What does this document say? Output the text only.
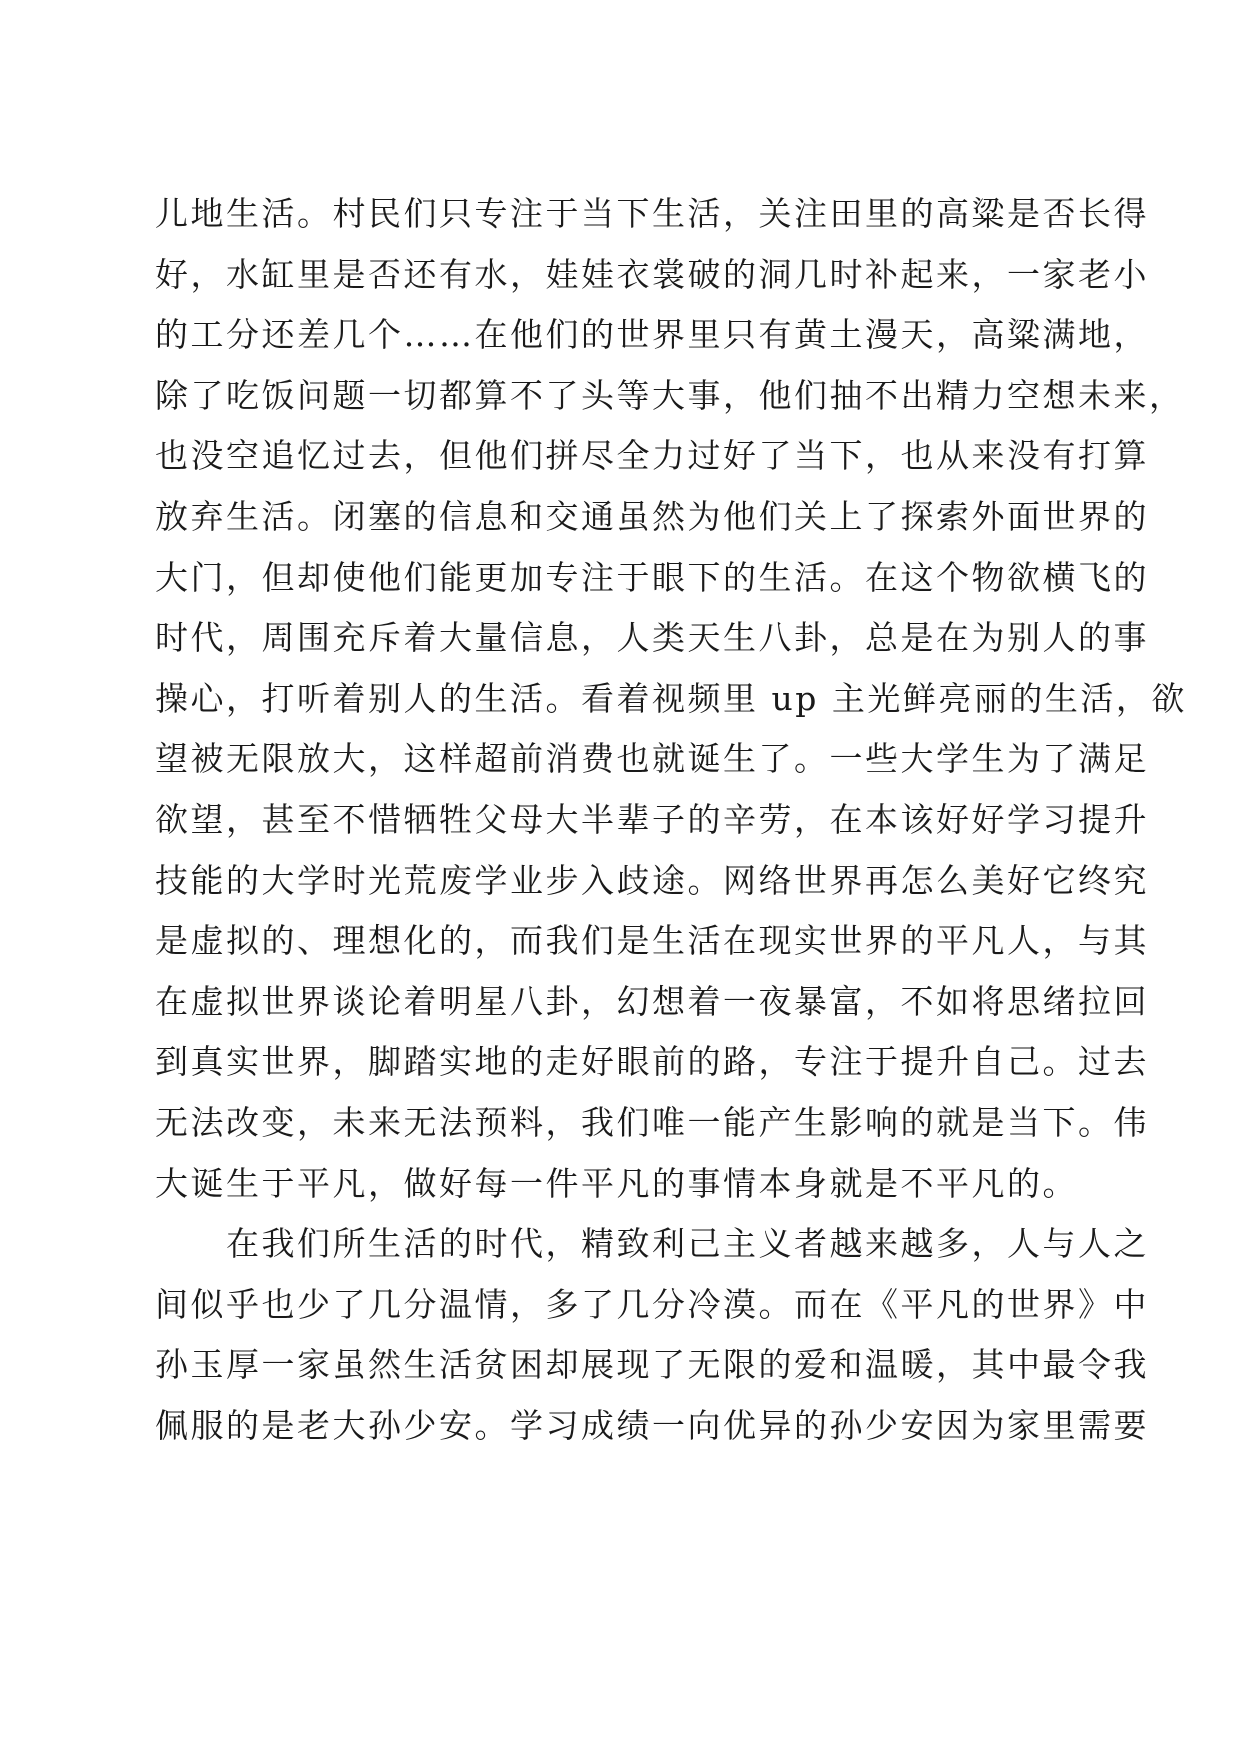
儿地生活。村民们只专注于当下生活，关注田里的高粱是否长得
好，水缸里是否还有水，娃娃衣裳破的洞几时补起来，一家老小
的工分还差几个……在他们的世界里只有黄土漫天，高粱满地，
除了吃饭问题一切都算不了头等大事，他们抽不出精力空想未来，
也没空追忆过去，但他们拼尽全力过好了当下，也从来没有打算
放弃生活。闭塞的信息和交通虽然为他们关上了探索外面世界的
大门，但却使他们能更加专注于眼下的生活。在这个物欲横飞的
时代，周围充斥着大量信息，人类天生八卦，总是在为别人的事
操心，打听着别人的生活。看着视频里 up 主光鲜亮丽的生活，欲
望被无限放大，这样超前消费也就诞生了。一些大学生为了满足
欲望，甚至不惜牺牲父母大半辈子的辛劳，在本该好好学习提升
技能的大学时光荒废学业步入歧途。网络世界再怎么美好它终究
是虚拟的、理想化的，而我们是生活在现实世界的平凡人，与其
在虚拟世界谈论着明星八卦，幻想着一夜暴富，不如将思绪拉回
到真实世界，脚踏实地的走好眼前的路，专注于提升自己。过去
无法改变，未来无法预料，我们唯一能产生影响的就是当下。伟
大诞生于平凡，做好每一件平凡的事情本身就是不平凡的。
在我们所生活的时代，精致利己主义者越来越多，人与人之
间似乎也少了几分温情，多了几分冷漠。而在《平凡的世界》中
孙玉厚一家虽然生活贫困却展现了无限的爱和温暖，其中最令我
佩服的是老大孙少安。学习成绩一向优异的孙少安因为家里需要
